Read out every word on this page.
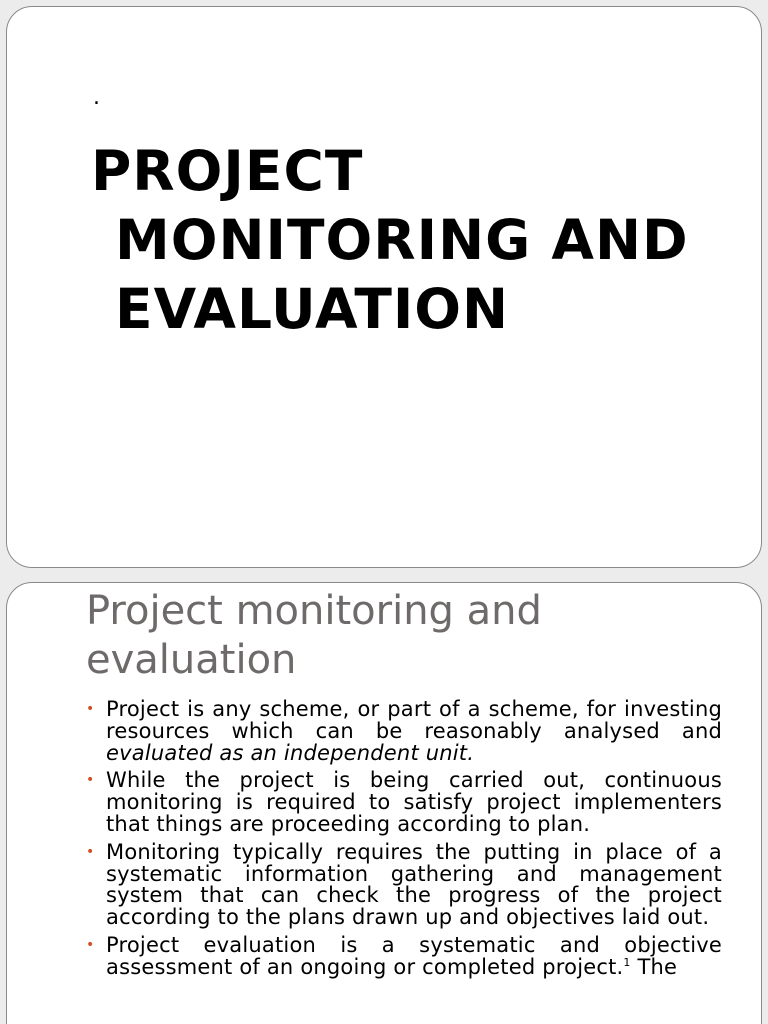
.
PROJECT
MONITORING AND
EVALUATION
Project monitoring and
evaluation
• Project is any scheme, or part of a scheme, for investing resources which can be reasonably analysed and evaluated as an independent unit.
• While the project is being carried out, continuous monitoring is required to satisfy project implementers that things are proceeding according to plan.
• Monitoring typically requires the putting in place of a systematic information gathering and management system that can check the progress of the project according to the plans drawn up and objectives laid out.
• Project evaluation is a systematic and objective assessment of an ongoing or completed project.$^1$ The
